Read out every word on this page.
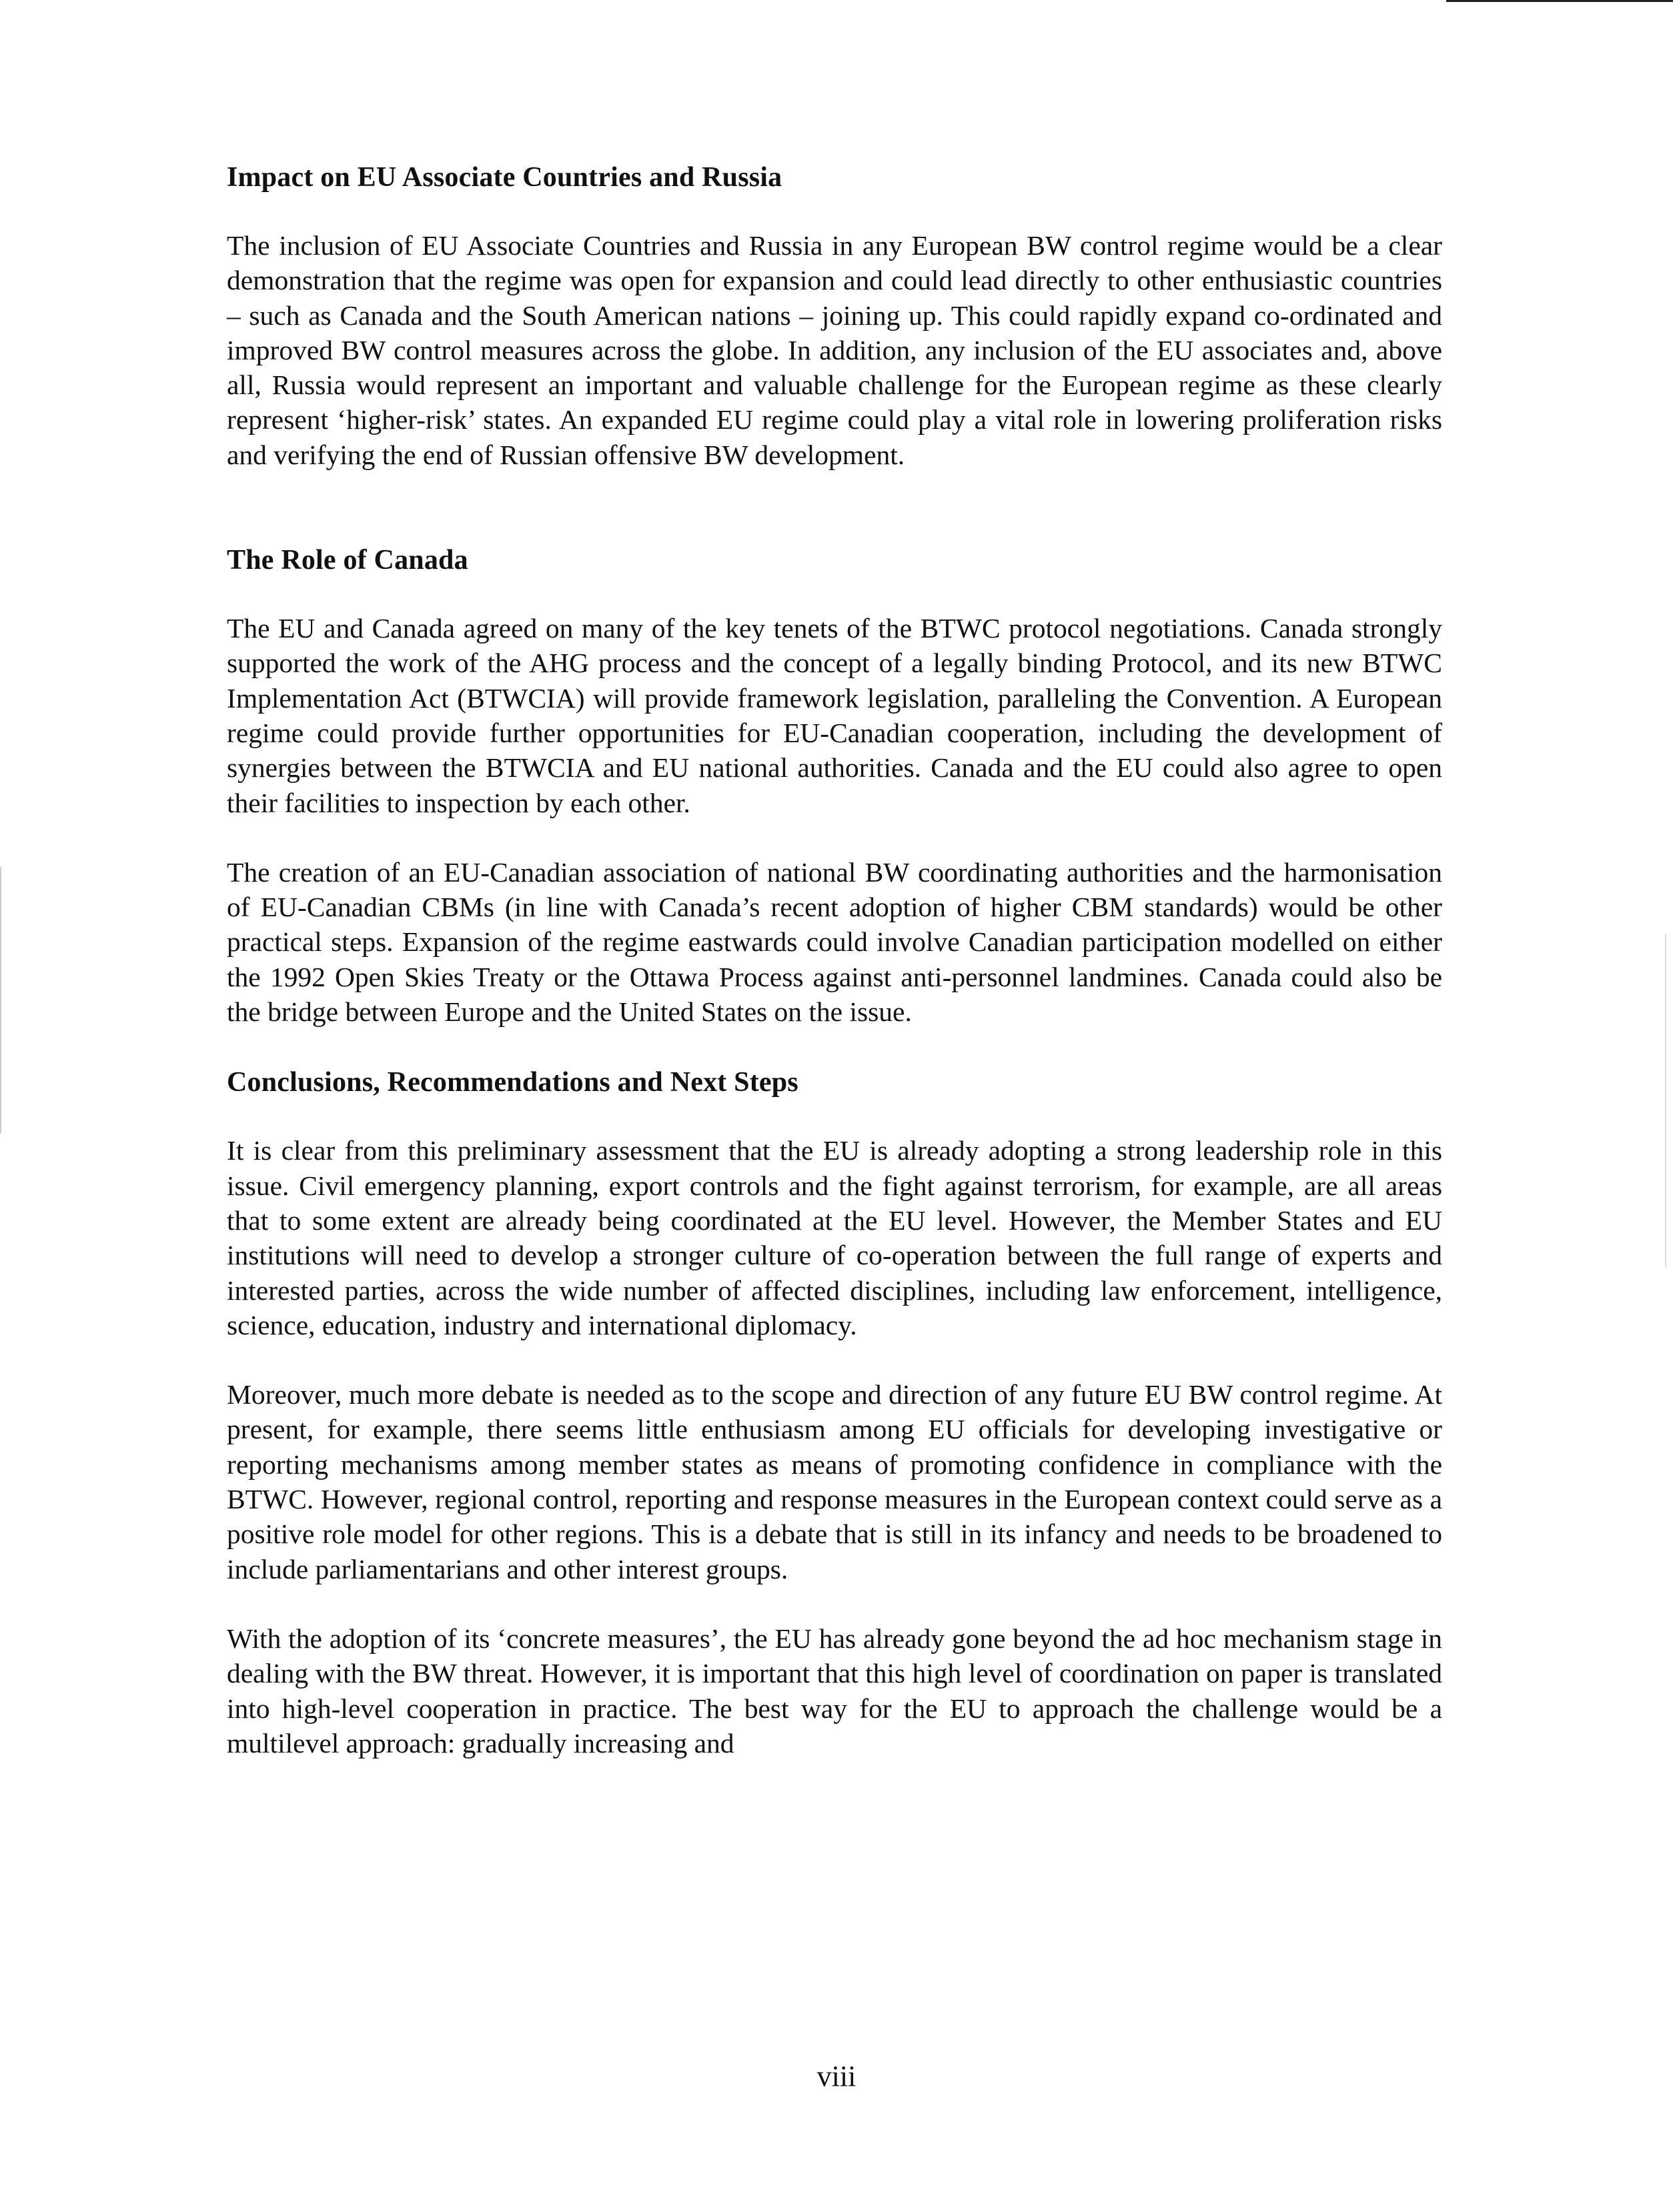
Impact on EU Associate Countries and Russia

The inclusion of EU Associate Countries and Russia in any European BW control regime would be a clear demonstration that the regime was open for expansion and could lead directly to other enthusiastic countries – such as Canada and the South American nations – joining up. This could rapidly expand co-ordinated and improved BW control measures across the globe. In addition, any inclusion of the EU associates and, above all, Russia would represent an important and valuable challenge for the European regime as these clearly represent ‘higher-risk’ states. An expanded EU regime could play a vital role in lowering proliferation risks and verifying the end of Russian offensive BW development.

The Role of Canada

The EU and Canada agreed on many of the key tenets of the BTWC protocol negotiations. Canada strongly supported the work of the AHG process and the concept of a legally binding Protocol, and its new BTWC Implementation Act (BTWCIA) will provide framework legislation, paralleling the Convention. A European regime could provide further opportunities for EU-Canadian cooperation, including the development of synergies between the BTWCIA and EU national authorities. Canada and the EU could also agree to open their facilities to inspection by each other.

The creation of an EU-Canadian association of national BW coordinating authorities and the harmonisation of EU-Canadian CBMs (in line with Canada’s recent adoption of higher CBM standards) would be other practical steps. Expansion of the regime eastwards could involve Canadian participation modelled on either the 1992 Open Skies Treaty or the Ottawa Process against anti-personnel landmines. Canada could also be the bridge between Europe and the United States on the issue.

Conclusions, Recommendations and Next Steps

It is clear from this preliminary assessment that the EU is already adopting a strong leadership role in this issue. Civil emergency planning, export controls and the fight against terrorism, for example, are all areas that to some extent are already being coordinated at the EU level. However, the Member States and EU institutions will need to develop a stronger culture of co-operation between the full range of experts and interested parties, across the wide number of affected disciplines, including law enforcement, intelligence, science, education, industry and international diplomacy.

Moreover, much more debate is needed as to the scope and direction of any future EU BW control regime. At present, for example, there seems little enthusiasm among EU officials for developing investigative or reporting mechanisms among member states as means of promoting confidence in compliance with the BTWC. However, regional control, reporting and response measures in the European context could serve as a positive role model for other regions. This is a debate that is still in its infancy and needs to be broadened to include parliamentarians and other interest groups.

With the adoption of its ‘concrete measures’, the EU has already gone beyond the ad hoc mechanism stage in dealing with the BW threat. However, it is important that this high level of coordination on paper is translated into high-level cooperation in practice. The best way for the EU to approach the challenge would be a multilevel approach: gradually increasing and

viii
